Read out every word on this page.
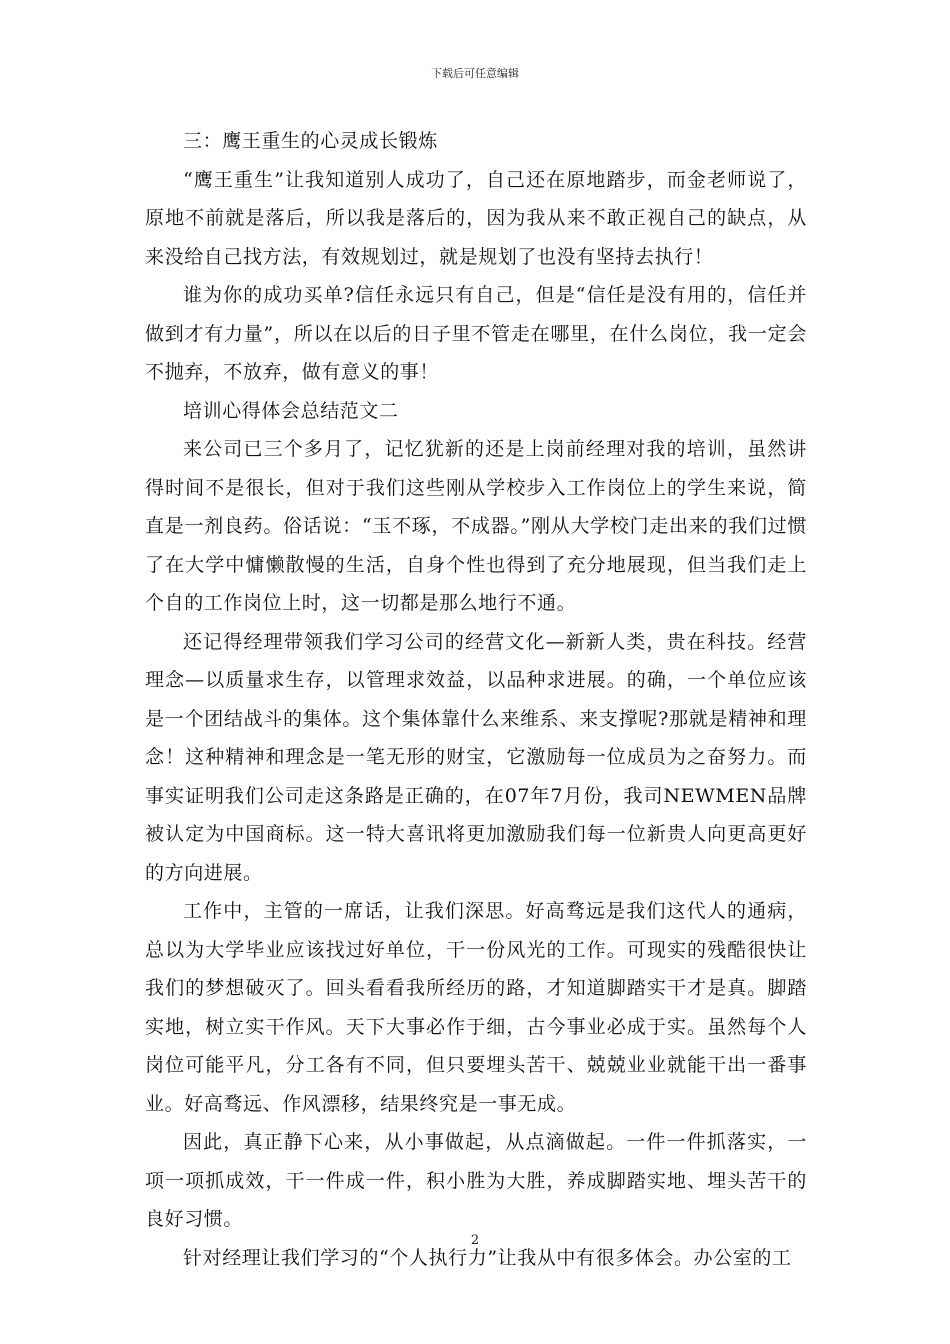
下载后可任意编辑

三：鹰王重生的心灵成长锻炼

“鹰王重生”让我知道别人成功了，自己还在原地踏步，而金老师说了，原地不前就是落后，所以我是落后的，因为我从来不敢正视自己的缺点，从来没给自己找方法，有效规划过，就是规划了也没有坚持去执行！

谁为你的成功买单?信任永远只有自己，但是“信任是没有用的，信任并做到才有力量”，所以在以后的日子里不管走在哪里，在什么岗位，我一定会不抛弃，不放弃，做有意义的事！

培训心得体会总结范文二

来公司已三个多月了，记忆犹新的还是上岗前经理对我的培训，虽然讲得时间不是很长，但对于我们这些刚从学校步入工作岗位上的学生来说，简直是一剂良药。俗话说：“玉不琢，不成器。”刚从大学校门走出来的我们过惯了在大学中慵懒散慢的生活，自身个性也得到了充分地展现，但当我们走上个自的工作岗位上时，这一切都是那么地行不通。

还记得经理带领我们学习公司的经营文化—新新人类，贵在科技。经营理念—以质量求生存，以管理求效益，以品种求进展。的确，一个单位应该是一个团结战斗的集体。这个集体靠什么来维系、来支撑呢?那就是精神和理念！这种精神和理念是一笔无形的财宝，它激励每一位成员为之奋努力。而事实证明我们公司走这条路是正确的，在07年7月份，我司NEWMEN品牌被认定为中国商标。这一特大喜讯将更加激励我们每一位新贵人向更高更好的方向进展。

工作中，主管的一席话，让我们深思。好高骛远是我们这代人的通病，总以为大学毕业应该找过好单位，干一份风光的工作。可现实的残酷很快让我们的梦想破灭了。回头看看我所经历的路，才知道脚踏实干才是真。脚踏实地，树立实干作风。天下大事必作于细，古今事业必成于实。虽然每个人岗位可能平凡，分工各有不同，但只要埋头苦干、兢兢业业就能干出一番事业。好高骛远、作风漂移，结果终究是一事无成。

因此，真正静下心来，从小事做起，从点滴做起。一件一件抓落实，一项一项抓成效，干一件成一件，积小胜为大胜，养成脚踏实地、埋头苦干的良好习惯。

针对经理让我们学习的“个人执行力”让我从中有很多体会。办公室的工

2
